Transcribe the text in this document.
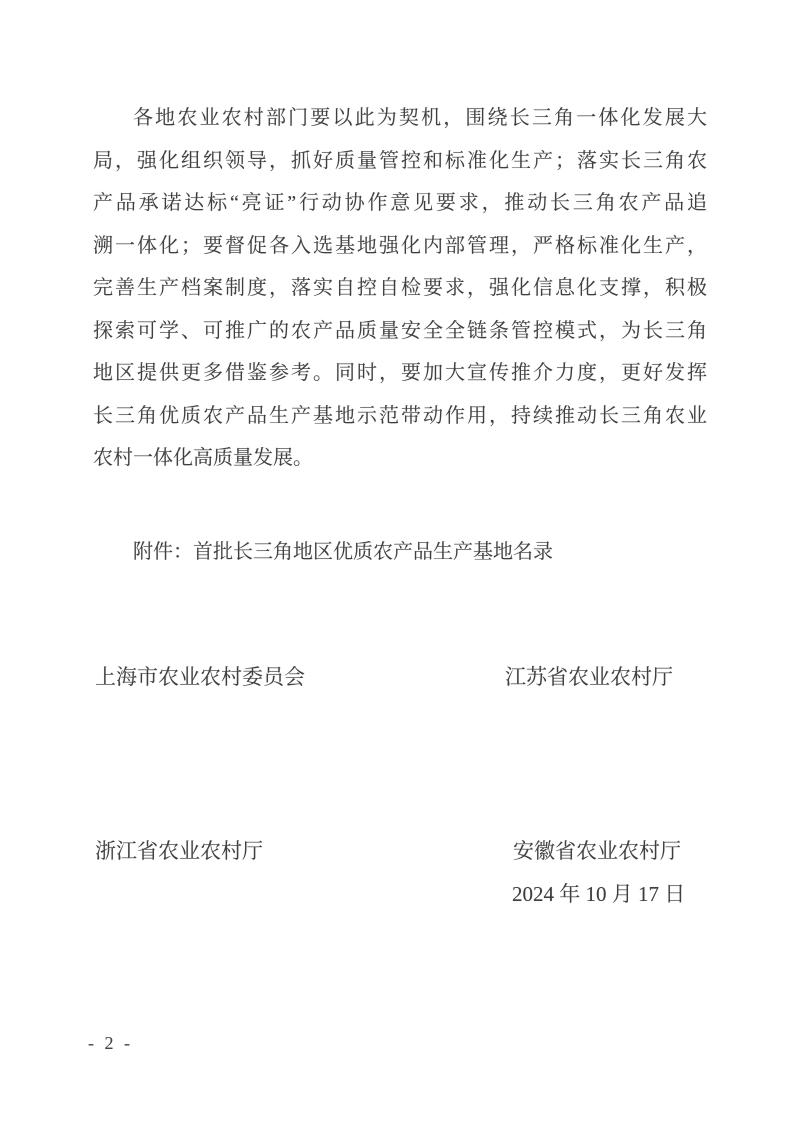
各地农业农村部门要以此为契机，围绕长三角一体化发展大
局，强化组织领导，抓好质量管控和标准化生产；落实长三角农
产品承诺达标“亮证”行动协作意见要求，推动长三角农产品追
溯一体化；要督促各入选基地强化内部管理，严格标准化生产，
完善生产档案制度，落实自控自检要求，强化信息化支撑，积极
探索可学、可推广的农产品质量安全全链条管控模式，为长三角
地区提供更多借鉴参考。同时，要加大宣传推介力度，更好发挥
长三角优质农产品生产基地示范带动作用，持续推动长三角农业
农村一体化高质量发展。
附件：首批长三角地区优质农产品生产基地名录
上海市农业农村委员会	江苏省农业农村厅
浙江省农业农村厅	安徽省农业农村厅
2024 年 10 月 17 日
- 2 -
